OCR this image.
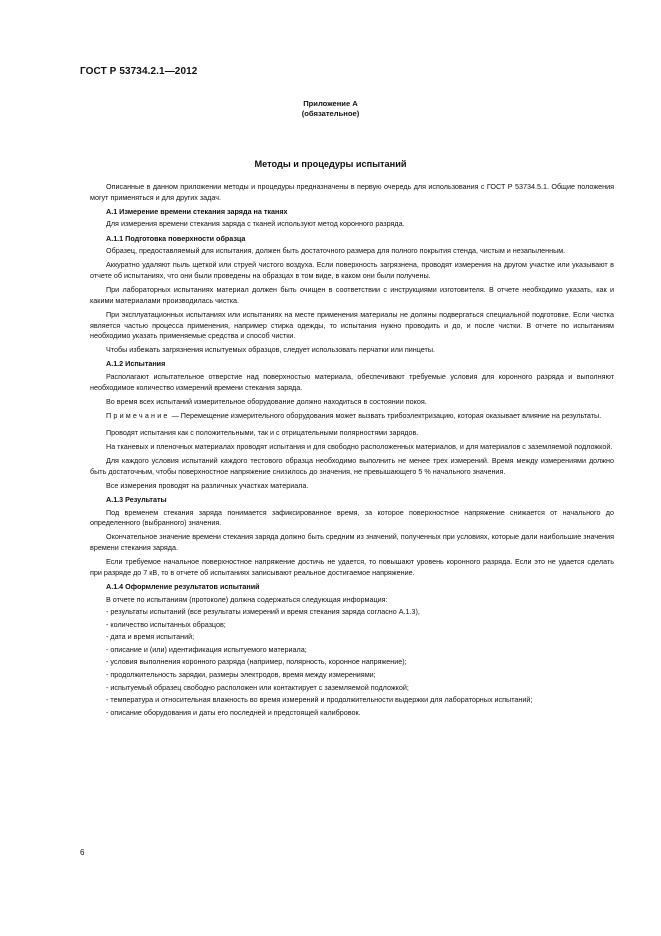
ГОСТ Р 53734.2.1—2012
Приложение А
(обязательное)
Методы и процедуры испытаний

Описанные в данном приложении методы и процедуры предназначены в первую очередь для использования с ГОСТ Р 53734.5.1. Общие положения могут применяться и для других задач.

А.1 Измерение времени стекания заряда на тканях

Для измерения времени стекания заряда с тканей используют метод коронного разряда.

А.1.1 Подготовка поверхности образца

Образец, предоставляемый для испытания, должен быть достаточного размера для полного покрытия стенда, чистым и незапыленным.

Аккуратно удаляют пыль щеткой или струей чистого воздуха. Если поверхность загрязнена, проводят измерения на другом участке или указывают в отчете об испытаниях, что они были проведены на образцах в том виде, в каком они были получены.

При лабораторных испытаниях материал должен быть очищен в соответствии с инструкциями изготовителя. В отчете необходимо указать, как и какими материалами производилась чистка.

При эксплуатационных испытаниях или испытаниях на месте применения материалы не должны подвергаться специальной подготовке. Если чистка является частью процесса применения, например стирка одежды, то испытания нужно проводить и до, и после чистки. В отчете по испытаниям необходимо указать применяемые средства и способ чистки.

Чтобы избежать загрязнения испытуемых образцов, следует использовать перчатки или пинцеты.

А.1.2 Испытания

Располагают испытательное отверстие над поверхностью материала, обеспечивают требуемые условия для коронного разряда и выполняют необходимое количество измерений времени стекания заряда.

Во время всех испытаний измерительное оборудование должно находиться в состоянии покоя.

Примечание — Перемещение измерительного оборудования может вызвать трибоэлектризацию, которая оказывает влияние на результаты.

Проводят испытания как с положительными, так и с отрицательными полярностями зарядов.

На тканевых и пленочных материалах проводят испытания и для свободно расположенных материалов, и для материалов с заземляемой подложкой.

Для каждого условия испытаний каждого тестового образца необходимо выполнить не менее трех измерений. Время между измерениями должно быть достаточным, чтобы поверхностное напряжение снизилось до значения, не превышающего 5 % начального значения.

Все измерения проводят на различных участках материала.

А.1.3 Результаты

Под временем стекания заряда понимается зафиксированное время, за которое поверхностное напряжение снижается от начального до определенного (выбранного) значения.

Окончательное значение времени стекания заряда должно быть средним из значений, полученных при условиях, которые дали наибольшие значения времени стекания заряда.

Если требуемое начальное поверхностное напряжение достичь не удается, то повышают уровень коронного разряда. Если это не удается сделать при разряде до 7 кВ, то в отчете об испытаниях записывают реальное достигаемое напряжение.

А.1.4 Оформление результатов испытаний

В отчете по испытаниям (протоколе) должна содержаться следующая информация:

- результаты испытаний (все результаты измерений и время стекания заряда согласно А.1.3),

- количество испытанных образцов;

- дата и время испытаний;

- описание и (или) идентификация испытуемого материала;

- условия выполнения коронного разряда (например, полярность, коронное напряжение);

- продолжительность зарядки, размеры электродов, время между измерениями;

- испытуемый образец свободно расположен или контактирует с заземляемой подложкой;

- температура и относительная влажность во время измерений и продолжительности выдержки для лабораторных испытаний;

- описание оборудования и даты его последней и предстоящей калибровок.

6
